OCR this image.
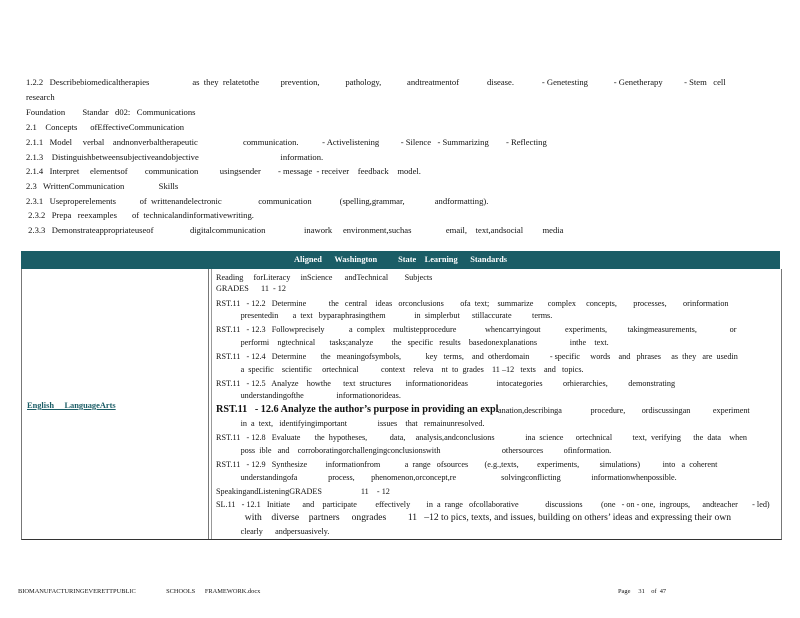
1.2.2   Describebiomedicaltherapies                    as  they  relatetothe          prevention,            pathology,            andtreatmentof             disease.             - Genetesting            - Genetherapy          - Stem   cell
research
Foundation        Standar   d02:   Communications
2.1    Concepts      ofEffectiveCommunication
2.1.1   Model     verbal    andnonverbaltherapeutic                     communication.           - Activelistening          - Silence   - Summarizing        - Reflecting
2.1.3    Distinguishbetweensubjectiveandobjective                                      information.
2.1.4   Interpret     elementsof        communication          usingsender        - message  - receiver    feedback    model.
2.3   WrittenCommunication                Skills
2.3.1   Useproperelements           of  writtenandelectronic                 communication             (spelling,grammar,              andformatting).
2.3.2   Prepa   reexamples       of  technicalandinformativewriting.
2.3.3   Demonstrateappropriateuseof                 digitalcommunication                  inawork     environment,suchas                email,    text,andsocial         media
Aligned      Washington          State    Learning      Standards
English     LanguageArts
Reading     forLiteracy     inScience      andTechnical        Subjects
GRADES      11  - 12
RST.11   - 12.2   Determine           the   central    ideas   orconclusions        ofa  text;    summarize       complex     concepts,        processes,        orinformation
presentedin       a  text   byparaphrasingthem              in  simplerbut      stillaccurate          terms.
RST.11   - 12.3   Followprecisely            a  complex    multistepprocedure              whencarryingout            experiments,          takingmeasurements,                or
performi    ngtechnical       tasks;analyze         the   specific   results    basedonexplanations                inthe    text.
RST.11   - 12.4   Determine       the   meaningofsymbols,            key   terms,    and  otherdomain          - specific     words    and   phrases     as  they   are  usedin
a  specific    scientific     ortechnical           context    releva    nt  to  grades    11 –12   texts    and   topics.
RST.11   - 12.5   Analyze    howthe      text  structures       informationorideas              intocategories          orhierarchies,          demonstrating
understandingofthe                informationorideas.
RST.11   - 12.6 Analyze the author’s purpose in providing an expl anation,describinga              procedure,        ordiscussingan           experiment
in  a  text,   identifyingimportant               issues    that   remainunresolved.
RST.11   - 12.8   Evaluate       the  hypotheses,           data,     analysis,andconclusions               ina  science      ortechnical          text,  verifying      the  data    when
poss  ible   and    corroboratingorchallengingconclusionswith                              othersources          ofinformation.
RST.11   - 12.9   Synthesize         informationfrom            a  range   ofsources        (e.g.,texts,         experiments,          simulations)           into   a  coherent
understandingofa               process,        phenomenon,orconcept,re                      solvingconflicting               informationwhenpossible.
SpeakingandListeningGRADES                   11    - 12
SL.11   - 12.1   Initiate      and    participate         effectively        in  a  range   ofcollaborative             discussions         (one   - on - one,  ingroups,      andteacher       - led)
with    diverse    partners     ongrades         11   –12 to pics, texts, and issues, building on others’ ideas and expressing their own
clearly      andpersuasively.
BIOMANUFACTURINGEVERETTPUBLIC                   SCHOOLS      FRAMEWORK.docx	Page     31    of  47
